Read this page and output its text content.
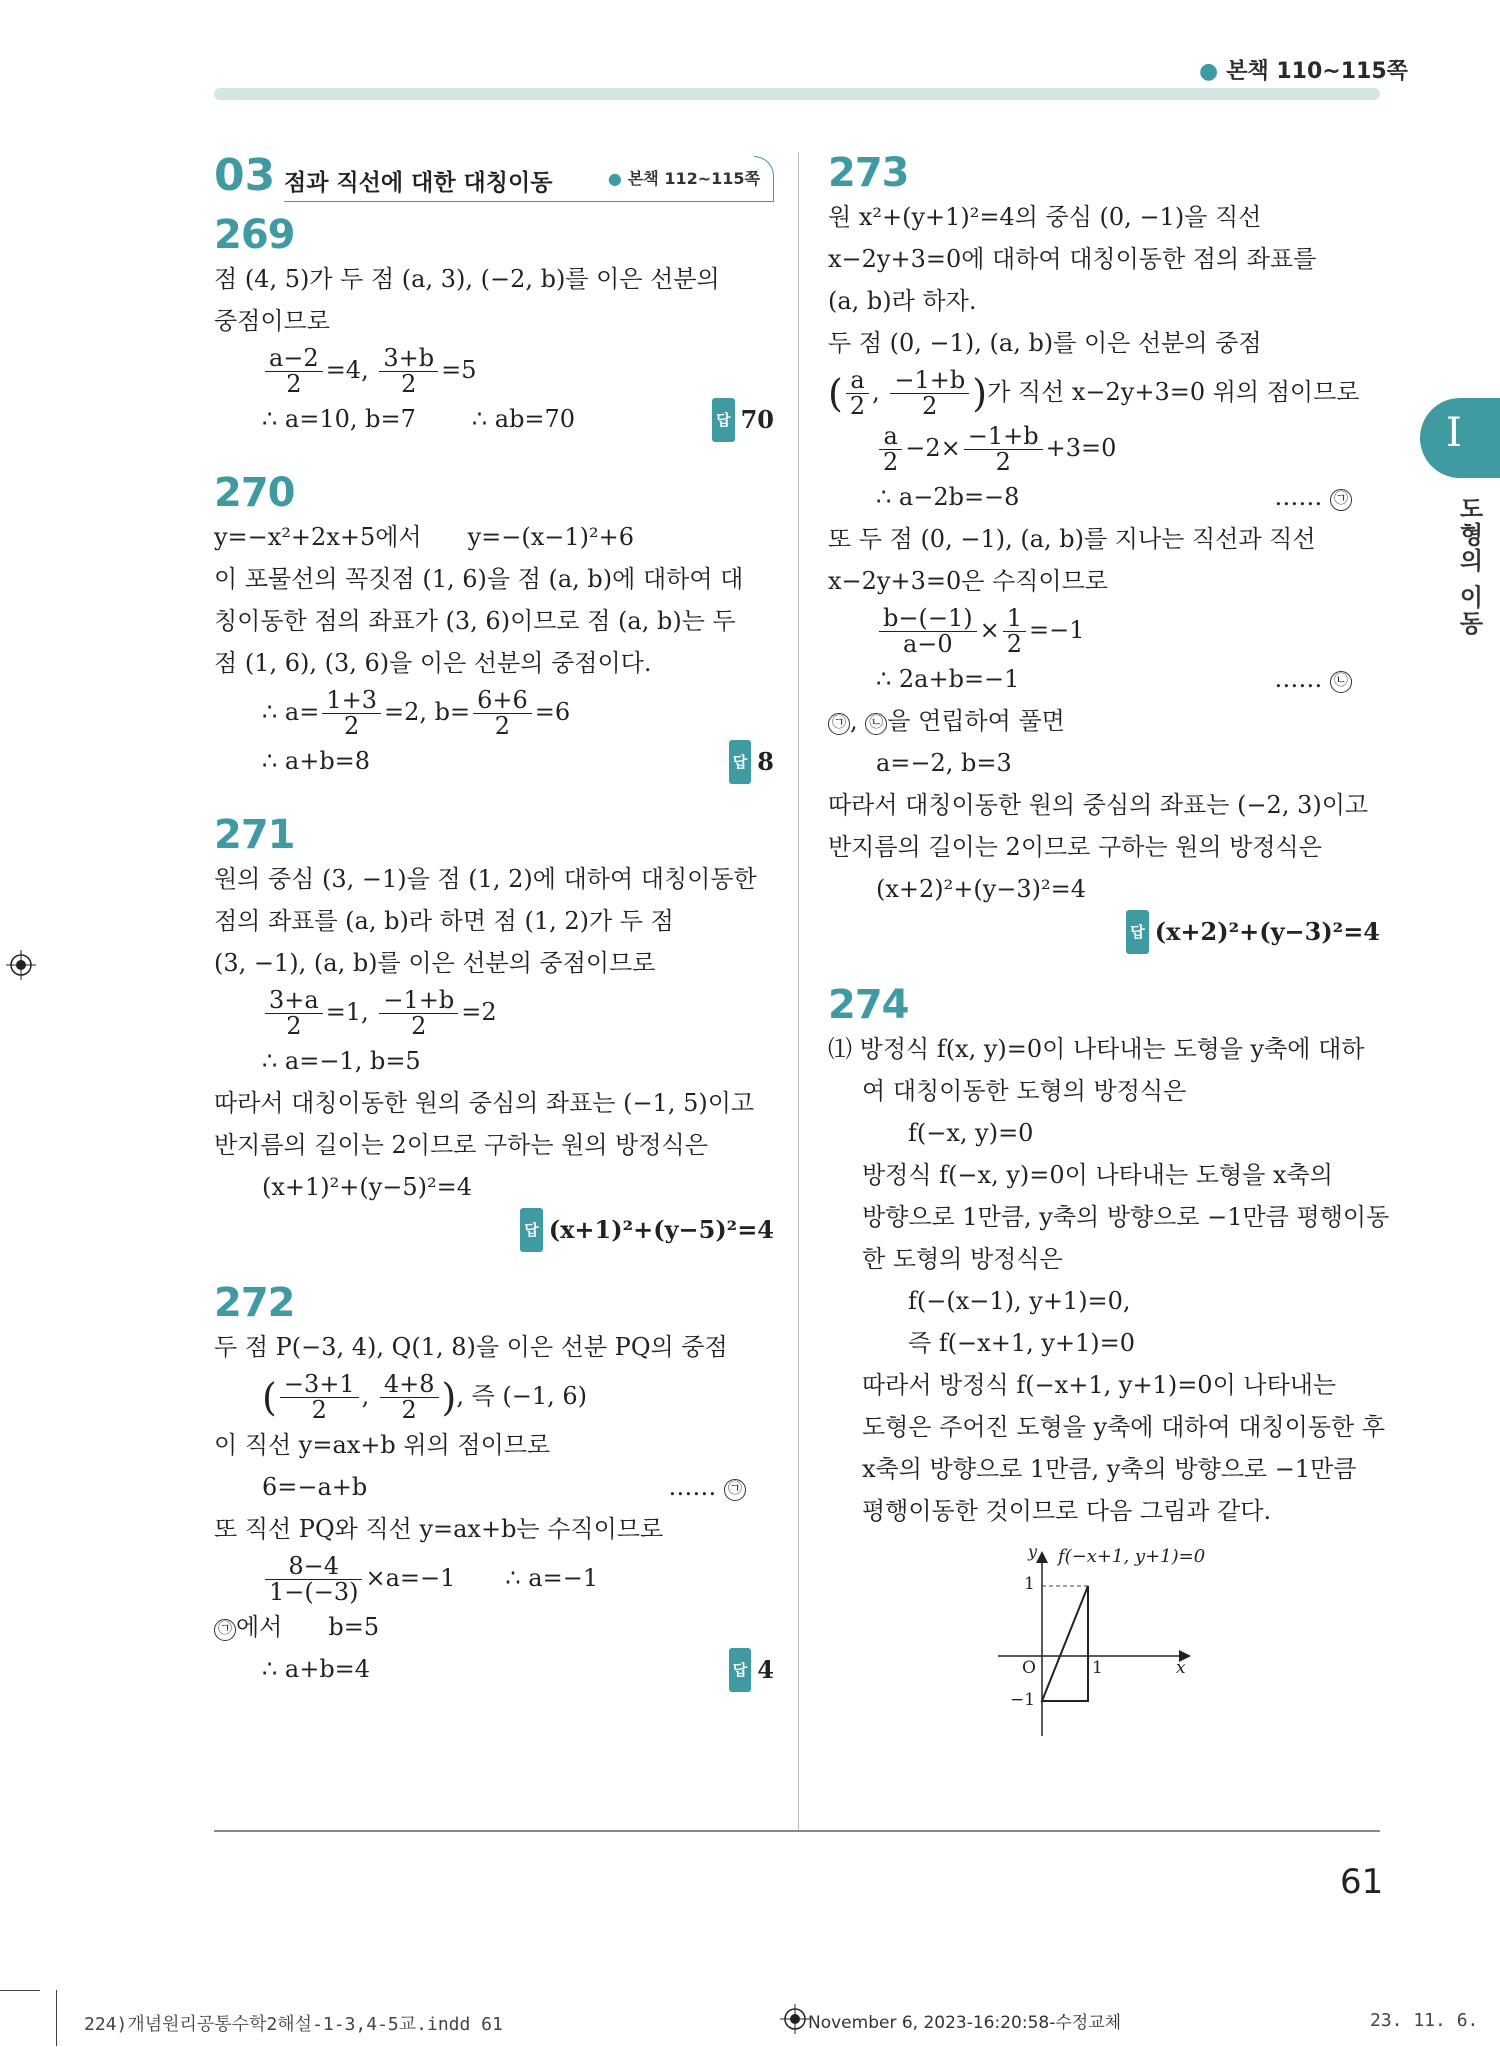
● 본책 110~115쪽
I
도형의 이동
03 점과 직선에 대한 대칭이동	● 본책 112~115쪽
269
점 (4, 5)가 두 점 (a, 3), (−2, b)를 이은 선분의
중점이므로
$\frac{a-2}{2} =4$, $\frac{3+b}{2} =5$
∴ a=10, b=7 ∴ ab=70	답 70
270
y=−x²+2x+5에서 y=−(x−1)²+6
이 포물선의 꼭짓점 (1, 6)을 점 (a, b)에 대하여 대
칭이동한 점의 좌표가 (3, 6)이므로 점 (a, b)는 두
점 (1, 6), (3, 6)을 이은 선분의 중점이다.
∴ $a= \frac{1+3}{2} =2$, $b= \frac{6+6}{2} =6$
∴ a+b=8	답 8
271
원의 중심 (3, −1)을 점 (1, 2)에 대하여 대칭이동한
점의 좌표를 (a, b)라 하면 점 (1, 2)가 두 점
(3, −1), (a, b)를 이은 선분의 중점이므로
$\frac{3+a}{2} =1$, $\frac{-1+b}{2} =2$
∴ a=−1, b=5
따라서 대칭이동한 원의 중심의 좌표는 (−1, 5)이고
반지름의 길이는 2이므로 구하는 원의 방정식은
(x+1)²+(y−5)²=4
답 (x+1)²+(y−5)²=4
272
두 점 P(−3, 4), Q(1, 8)을 이은 선분 PQ의 중점
( $\frac{-3+1}{2}$ , $\frac{4+8}{2}$ ), 즉 (−1, 6)
이 직선 y=ax+b 위의 점이므로
6=−a+b	…… ㉠
또 직선 PQ와 직선 y=ax+b는 수직이므로
$\frac{8-4}{1-(-3)} \times a=-1$ ∴ a=−1
㉠ 에서 b=5
∴ a+b=4	답 4
273
원 x²+(y+1)²=4의 중심 (0, −1)을 직선
x−2y+3=0에 대하여 대칭이동한 점의 좌표를
(a, b)라 하자.
두 점 (0, −1), (a, b)를 이은 선분의 중점
( $\frac{a}{2}$ , $\frac{-1+b}{2}$ )가 직선 x−2y+3=0 위의 점이므로
$\frac{a}{2} -2\times \frac{-1+b}{2} +3=0$
∴ a−2b=−8	…… ㉠
또 두 점 (0, −1), (a, b)를 지나는 직선과 직선
x−2y+3=0은 수직이므로
$\frac{b-(-1)}{a-0} \times \frac{1}{2} =-1$
∴ 2a+b=−1	…… ㉡
㉠ , ㉡ 을 연립하여 풀면
a=−2, b=3
따라서 대칭이동한 원의 중심의 좌표는 (−2, 3)이고
반지름의 길이는 2이므로 구하는 원의 방정식은
(x+2)²+(y−3)²=4
답 (x+2)²+(y−3)²=4
274
⑴ 방정식 f(x, y)=0이 나타내는 도형을 y축에 대하
여 대칭이동한 도형의 방정식은
f(−x, y)=0
방정식 f(−x, y)=0이 나타내는 도형을 x축의
방향으로 1만큼, y축의 방향으로 −1만큼 평행이동
한 도형의 방정식은
f(−(x−1), y+1)=0,
즉 f(−x+1, y+1)=0
따라서 방정식 f(−x+1, y+1)=0이 나타내는
도형은 주어진 도형을 y축에 대하여 대칭이동한 후
x축의 방향으로 1만큼, y축의 방향으로 −1만큼
평행이동한 것이므로 다음 그림과 같다.
f(−x+1, y+1)=0
y
x
O	1
1
−1
61
224)개념원리공통수학2해설-1-3,4-5교.indd 61	November 6, 2023-16:20:58-수정교체	23. 11. 6.
